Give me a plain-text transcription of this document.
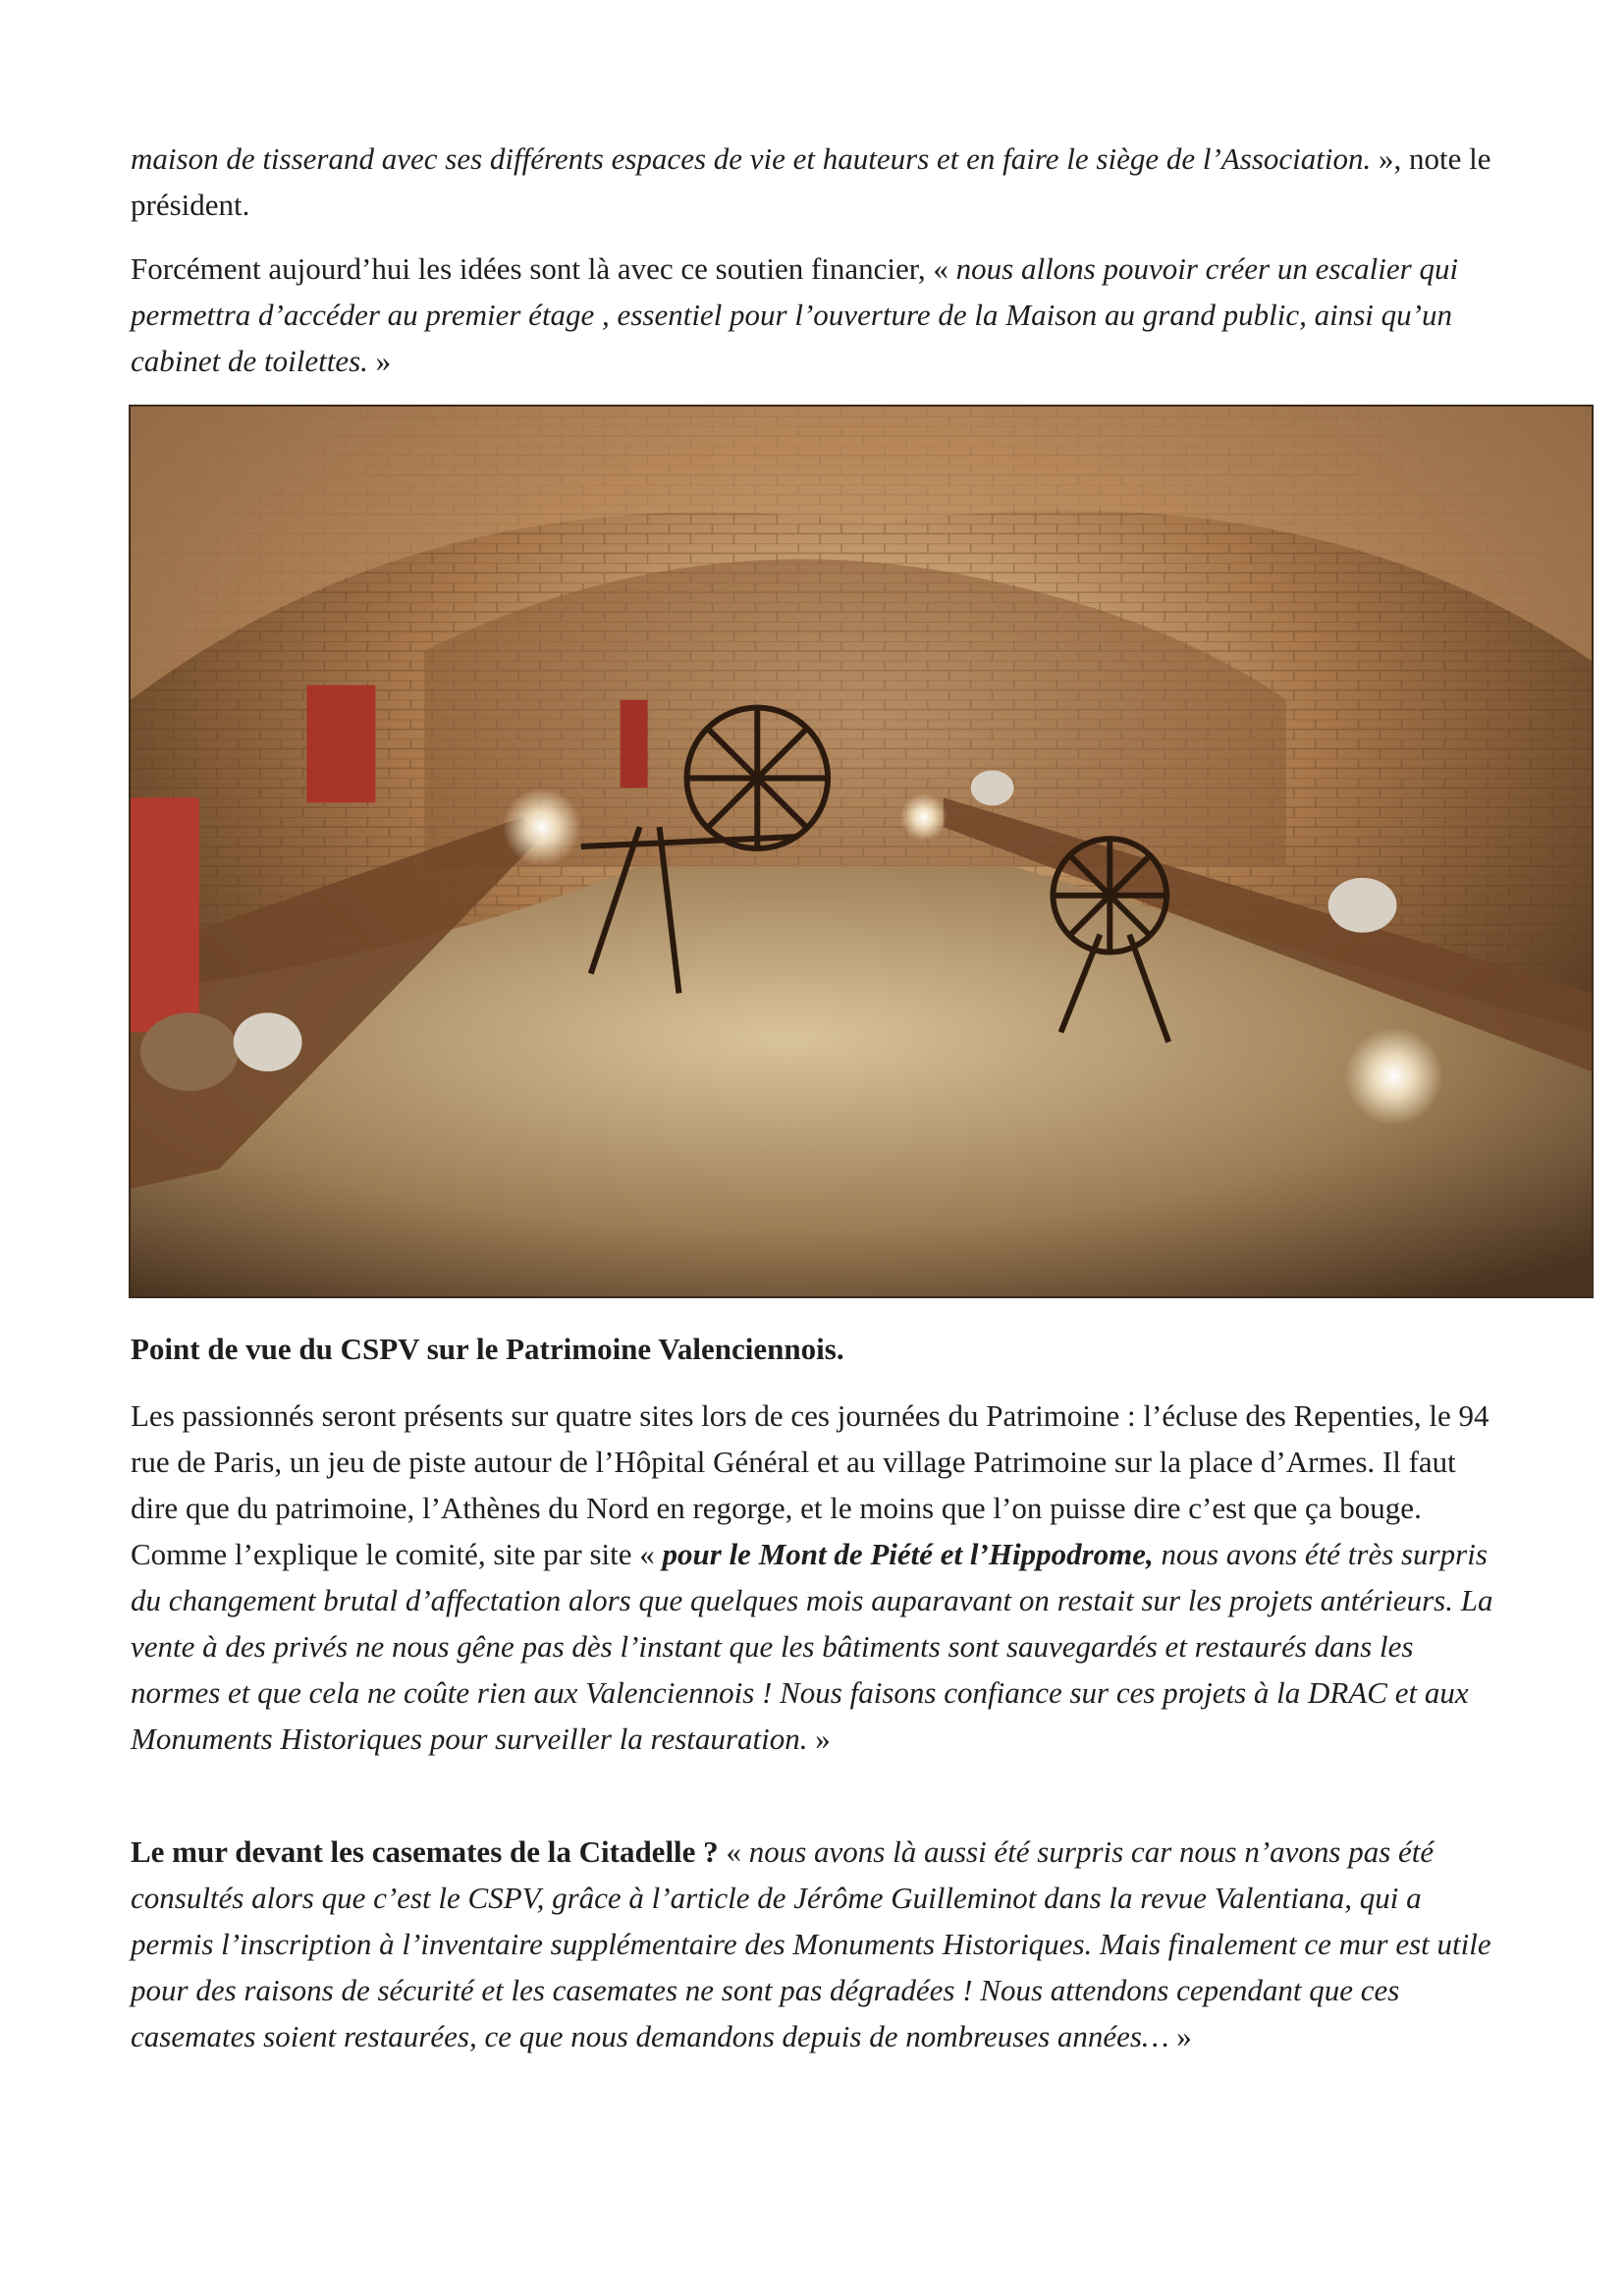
maison de tisserand avec ses différents espaces de vie et hauteurs et en faire le siège de l’Association. », note le président.

Forcément aujourd’hui les idées sont là avec ce soutien financier, « nous allons pouvoir créer un escalier qui permettra d’accéder au premier étage , essentiel pour l’ouverture de la Maison au grand public, ainsi qu’un cabinet de toilettes. »

Point de vue du CSPV sur le Patrimoine Valenciennois.

Les passionnés seront présents sur quatre sites lors de ces journées du Patrimoine : l’écluse des Repenties, le 94 rue de Paris, un jeu de piste autour de l’Hôpital Général et au village Patrimoine sur la place d’Armes. Il faut dire que du patrimoine, l’Athènes du Nord en regorge, et le moins que l’on puisse dire c’est que ça bouge. Comme l’explique le comité, site par site « pour le Mont de Piété et l’Hippodrome, nous avons été très surpris du changement brutal d’affectation alors que quelques mois auparavant on restait sur les projets antérieurs. La vente à des privés ne nous gêne pas dès l’instant que les bâtiments sont sauvegardés et restaurés dans les normes et que cela ne coûte rien aux Valenciennois ! Nous faisons confiance sur ces projets à la DRAC et aux Monuments Historiques pour surveiller la restauration. »

Le mur devant les casemates de la Citadelle ? « nous avons là aussi été surpris car nous n’avons pas été consultés alors que c’est le CSPV, grâce à l’article de Jérôme Guilleminot dans la revue Valentiana, qui a permis l’inscription à l’inventaire supplémentaire des Monuments Historiques. Mais finalement ce mur est utile pour des raisons de sécurité et les casemates ne sont pas dégradées ! Nous attendons cependant que ces casemates soient restaurées, ce que nous demandons depuis de nombreuses années… »
